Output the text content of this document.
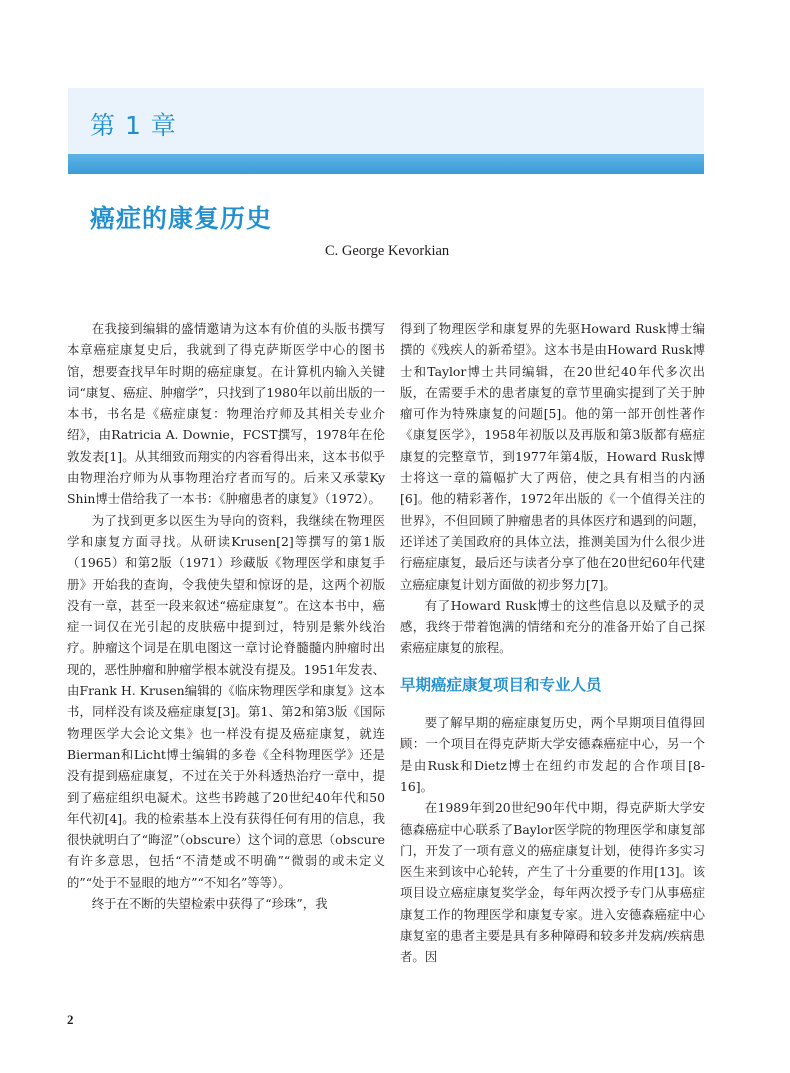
第 1 章
癌症的康复历史
C. George Kevorkian

在我接到编辑的盛情邀请为这本有价值的头版书撰写本章癌症康复史后，我就到了得克萨斯医学中心的图书馆，想要查找早年时期的癌症康复。在计算机内输入关键词“康复、癌症、肿瘤学”，只找到了1980年以前出版的一本书，书名是《癌症康复：物理治疗师及其相关专业介绍》，由Ratricia A. Downie，FCST撰写，1978年在伦敦发表[1]。从其细致而翔实的内容看得出来，这本书似乎由物理治疗师为从事物理治疗者而写的。后来又承蒙Ky Shin博士借给我了一本书：《肿瘤患者的康复》（1972）。

为了找到更多以医生为导向的资料，我继续在物理医学和康复方面寻找。从研读Krusen[2]等撰写的第1版（1965）和第2版（1971）珍藏版《物理医学和康复手册》开始我的查询，令我使失望和惊讶的是，这两个初版没有一章，甚至一段来叙述“癌症康复”。在这本书中，癌症一词仅在光引起的皮肤癌中提到过，特别是紫外线治疗。肿瘤这个词是在肌电图这一章讨论脊髓髓内肿瘤时出现的，恶性肿瘤和肿瘤学根本就没有提及。1951年发表、由Frank H. Krusen编辑的《临床物理医学和康复》这本书，同样没有谈及癌症康复[3]。第1、第2和第3版《国际物理医学大会论文集》也一样没有提及癌症康复，就连Bierman和Licht博士编辑的多卷《全科物理医学》还是没有提到癌症康复，不过在关于外科透热治疗一章中，提到了癌症组织电凝术。这些书跨越了20世纪40年代和50年代初[4]。我的检索基本上没有获得任何有用的信息，我很快就明白了“晦涩”（obscure）这个词的意思（obscure有许多意思，包括“不清楚或不明确”“微弱的或未定义的”“处于不显眼的地方”“不知名”等等）。

终于在不断的失望检索中获得了“珍珠”，我

得到了物理医学和康复界的先驱Howard Rusk博士编撰的《残疾人的新希望》。这本书是由Howard Rusk博士和Taylor博士共同编辑，在20世纪40年代多次出版，在需要手术的患者康复的章节里确实提到了关于肿瘤可作为特殊康复的问题[5]。他的第一部开创性著作《康复医学》，1958年初版以及再版和第3版都有癌症康复的完整章节，到1977年第4版，Howard Rusk博士将这一章的篇幅扩大了两倍，使之具有相当的内涵[6]。他的精彩著作，1972年出版的《一个值得关注的世界》，不但回顾了肿瘤患者的具体医疗和遇到的问题，还详述了美国政府的具体立法，推测美国为什么很少进行癌症康复，最后还与读者分享了他在20世纪60年代建立癌症康复计划方面做的初步努力[7]。

有了Howard Rusk博士的这些信息以及赋予的灵感，我终于带着饱满的情绪和充分的准备开始了自己探索癌症康复的旅程。

早期癌症康复项目和专业人员

要了解早期的癌症康复历史，两个早期项目值得回顾：一个项目在得克萨斯大学安德森癌症中心，另一个是由Rusk和Dietz博士在纽约市发起的合作项目[8-16]。

在1989年到20世纪90年代中期，得克萨斯大学安德森癌症中心联系了Baylor医学院的物理医学和康复部门，开发了一项有意义的癌症康复计划，使得许多实习医生来到该中心轮转，产生了十分重要的作用[13]。该项目设立癌症康复奖学金，每年两次授予专门从事癌症康复工作的物理医学和康复专家。进入安德森癌症中心康复室的患者主要是具有多种障碍和较多并发病/疾病患者。因

2
